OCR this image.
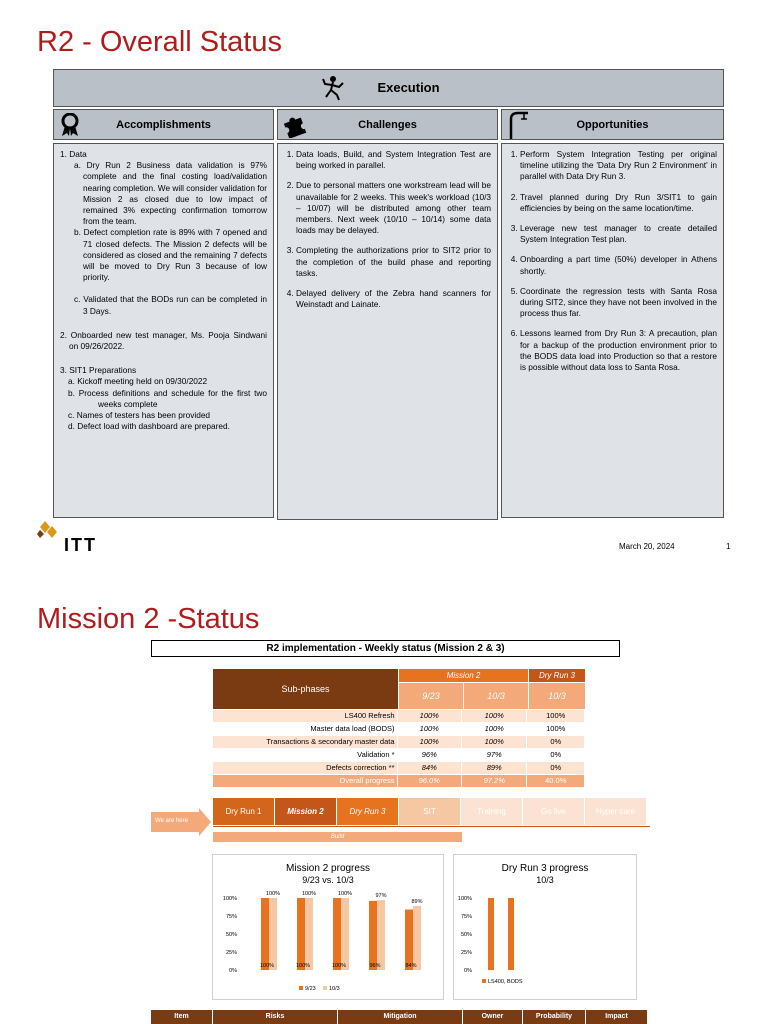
R2 - Overall Status
Execution
Accomplishments	Challenges	Opportunities
1. Data
a. Dry Run 2 Business data validation is 97% complete and the final costing load/validation nearing completion. We will consider validation for Mission 2 as closed due to low impact of remained 3% expecting confirmation tomorrow from the team.
b. Defect completion rate is 89% with 7 opened and 71 closed defects. The Mission 2 defects will be considered as closed and the remaining 7 defects will be moved to Dry Run 3 because of low priority.
c. Validated that the BODs run can be completed in 3 Days.
2. Onboarded new test manager, Ms. Pooja Sindwani on 09/26/2022.
3. SIT1 Preparations
a. Kickoff meeting held on 09/30/2022
b. Process definitions and schedule for the first two weeks complete
c. Names of testers has been provided
d. Defect load with dashboard are prepared.
1. Data loads, Build, and System Integration Test are being worked in parallel.
2. Due to personal matters one workstream lead will be unavailable for 2 weeks. This week's workload (10/3 – 10/07) will be distributed among other team members. Next week (10/10 – 10/14) some data loads may be delayed.
3. Completing the authorizations prior to SIT2 prior to the completion of the build phase and reporting tasks.
4. Delayed delivery of the Zebra hand scanners for Weinstadt and Lainate.
1. Perform System Integration Testing per original timeline utilizing the 'Data Dry Run 2 Environment' in parallel with Data Dry Run 3.
2. Travel planned during Dry Run 3/SIT1 to gain efficiencies by being on the same location/time.
3. Leverage new test manager to create detailed System Integration Test plan.
4. Onboarding a part time (50%) developer in Athens shortly.
5. Coordinate the regression tests with Santa Rosa during SIT2, since they have not been involved in the process thus far.
6. Lessons learned from Dry Run 3: A precaution, plan for a backup of the production environment prior to the BODS data load into Production so that a restore is possible without data loss to Santa Rosa.
ITT	March 20, 2024	1
Mission 2 -Status
R2 implementation - Weekly status (Mission 2 & 3)
Sub-phases
Mission 2	Dry Run 3
9/23	10/3	10/3
LS400 Refresh	100%	100%	100%
Master data load (BODS)	100%	100%	100%
Transactions & secondary master data	100%	100%	0%
Validation *	96%	97%	0%
Defects correction **	84%	89%	0%
Overall progress	96.0%	97.2%	40.0%
We are here
Dry Run 1	Mission 2	Dry Run 3	SIT	Training	Go live	Hyper care
Build
Mission 2 progress
9/23 vs. 10/3
100%
75%
50%
25%
0%
100%
100%
100%
100%
100%
100%
96%
97%
84%
89%
9/23 10/3
Dry Run 3 progress
10/3
100%
75%
50%
25%
0%
LS400, BODS
Item	Risks	Mitigation	Owner	Probability	Impact
